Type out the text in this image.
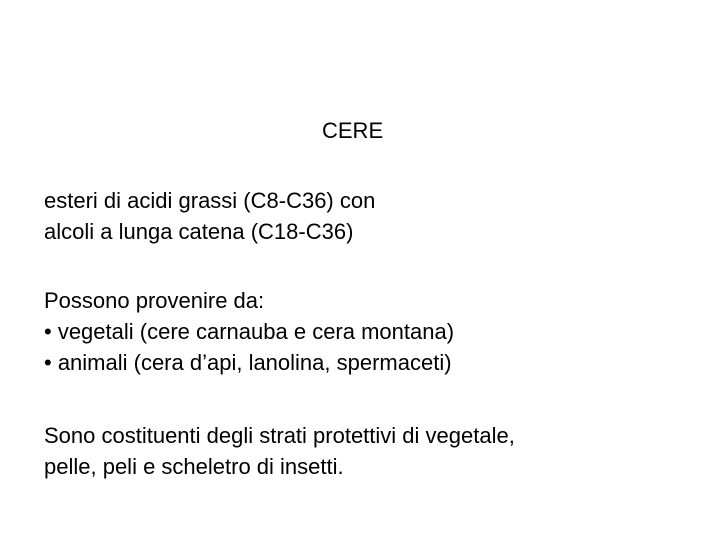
CERE
esteri di acidi grassi (C8-C36) con
alcoli a lunga catena (C18-C36)
Possono provenire da:
• vegetali (cere carnauba e cera montana)
• animali (cera d’api, lanolina, spermaceti)
Sono costituenti degli strati protettivi di vegetale,
pelle, peli e scheletro di insetti.
